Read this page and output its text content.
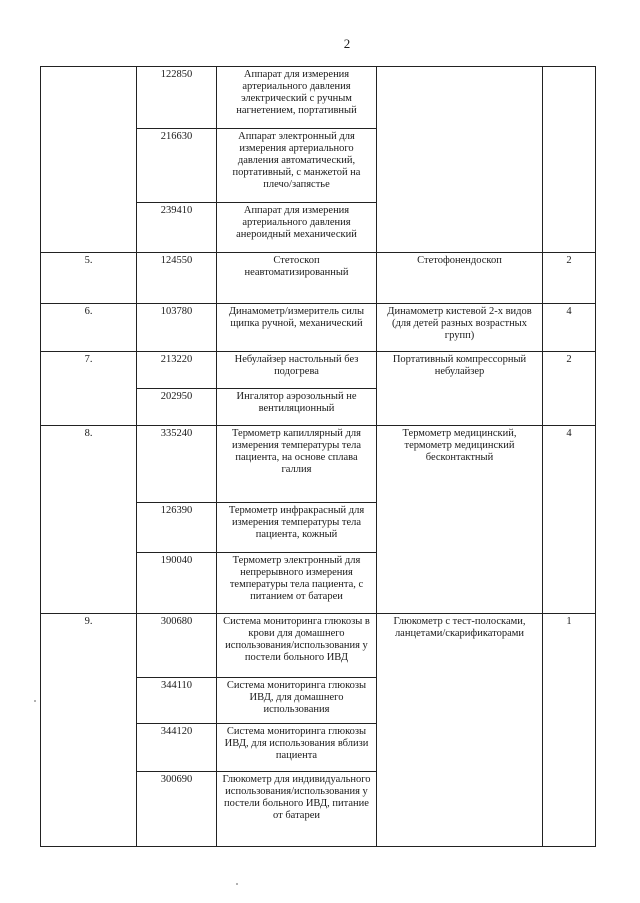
2
	122850	Аппарат для измерения артериального давления электрический с ручным нагнетением, портативный		
	216630	Аппарат электронный для измерения артериального давления автоматический, портативный, с манжетой на плечо/запястье		
	239410	Аппарат для измерения артериального давления анероидный механический		
5.	124550	Стетоскоп неавтоматизированный	Стетофонендоскоп	2
6.	103780	Динамометр/измеритель силы щипка ручной, механический	Динамометр кистевой 2-х видов (для детей разных возрастных групп)	4
7.	213220	Небулайзер настольный без подогрева	Портативный компрессорный небулайзер	2
	202950	Ингалятор аэрозольный не вентиляционный		
8.	335240	Термометр капиллярный для измерения температуры тела пациента, на основе сплава галлия	Термометр медицинский, термометр медицинский бесконтактный	4
	126390	Термометр инфракрасный для измерения температуры тела пациента, кожный		
	190040	Термометр электронный для непрерывного измерения температуры тела пациента, с питанием от батареи		
9.	300680	Система мониторинга глюкозы в крови для домашнего использования/использования у постели больного ИВД	Глюкометр с тест-полосками, ланцетами/скарификаторами	1
	344110	Система мониторинга глюкозы ИВД, для домашнего использования		
	344120	Система мониторинга глюкозы ИВД, для использования вблизи пациента		
	300690	Глюкометр для индивидуального использования/использования у постели больного ИВД, питание от батареи		
